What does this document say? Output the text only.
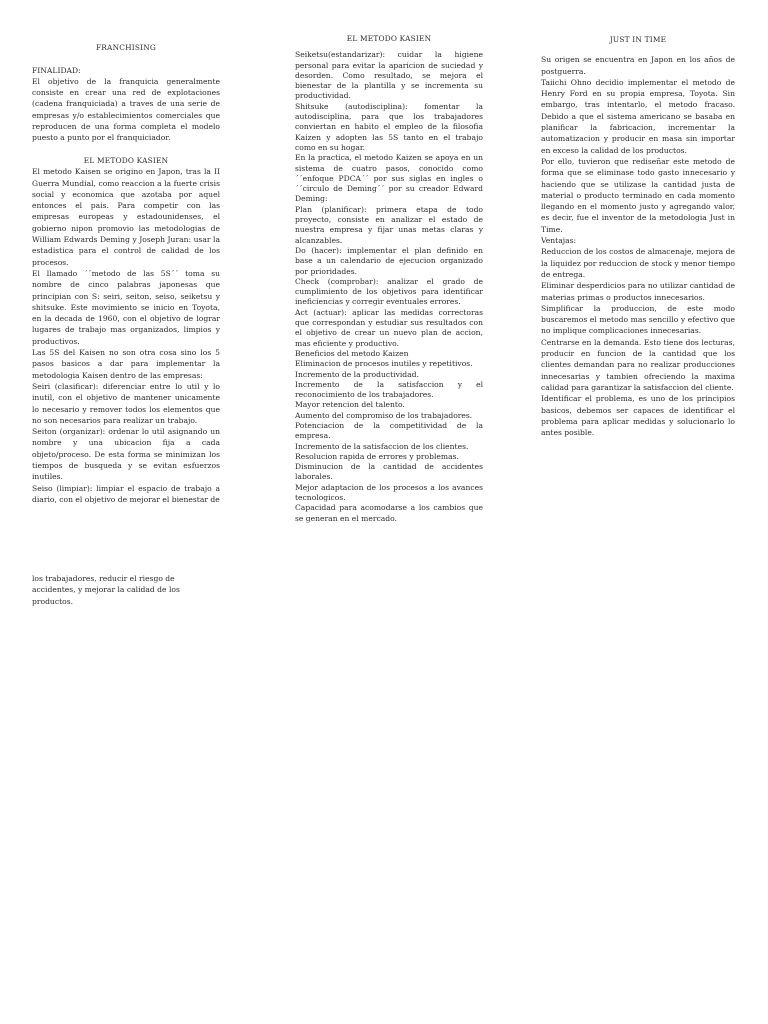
FRANCHISING

FINALIDAD:

El objetivo de la franquicia generalmente consiste en crear una red de explotaciones (cadena franquiciada) a traves de una serie de empresas y/o establecimientos comerciales que reproducen de una forma completa el modelo puesto a punto por el franquiciador.

EL METODO KASIEN

El metodo Kaisen se origino en Japon, tras la II Guerra Mundial, como reaccion a la fuerte crisis social y economica que azotaba por aquel entonces el pais. Para competir con las empresas europeas y estadounidenses, el gobierno nipon promovio las metodologias de William Edwards Deming y Joseph Juran: usar la estadistica para el control de calidad de los procesos.

El llamado ´´metodo de las 5S´´ toma su nombre de cinco palabras japonesas que principian con S: seiri, seiton, seiso, seiketsu y shitsuke. Este movimiento se inicio en Toyota, en la decada de 1960, con el objetivo de lograr lugares de trabajo mas organizados, limpios y productivos.

Las 5S del Kaisen no son otra cosa sino los 5 pasos basicos a dar para implementar la metodologia Kaisen dentro de las empresas:

Seiri (clasificar): diferenciar entre lo util y lo inutil, con el objetivo de mantener unicamente lo necesario y remover todos los elementos que no son necesarios para realizar un trabajo.

Seiton (organizar): ordenar lo util asignando un nombre y una ubicacion fija a cada objeto/proceso. De esta forma se minimizan los tiempos de busqueda y se evitan esfuerzos inutiles.

Seiso (limpiar): limpiar el espacio de trabajo a diario, con el objetivo de mejorar el bienestar de

los trabajadores, reducir el riesgo de accidentes, y mejorar la calidad de los productos.

EL METODO KASIEN

Seiketsu(estandarizar): cuidar la higiene personal para evitar la aparicion de suciedad y desorden. Como resultado, se mejora el bienestar de la plantilla y se incrementa su productividad.

Shitsuke (autodisciplina): fomentar la autodisciplina, para que los trabajadores conviertan en habito el empleo de la filosofia Kaizen y adopten las 5S tanto en el trabajo como en su hogar.

En la practica, el metodo Kaizen se apoya en un sistema de cuatro pasos, conocido como ´´enfoque PDCA´´ por sus siglas en ingles o ´´circulo de Deming´´ por su creador Edward Deming:

Plan (planificar): primera etapa de todo proyecto, consiste en analizar el estado de nuestra empresa y fijar unas metas claras y alcanzables.

Do (hacer): implementar el plan definido en base a un calendario de ejecucion organizado por prioridades.

Check (comprobar): analizar el grado de cumplimiento de los objetivos para identificar ineficiencias y corregir eventuales errores.

Act (actuar): aplicar las medidas correctoras que correspondan y estudiar sus resultados con el objetivo de crear un nuevo plan de accion, mas eficiente y productivo.

Beneficios del metodo Kaizen

Eliminacion de procesos inutiles y repetitivos.

Incremento de la productividad.

Incremento de la satisfaccion y el reconocimiento de los trabajadores.

Mayor retencion del talento.

Aumento del compromiso de los trabajadores.

Potenciacion de la competitividad de la empresa.

Incremento de la satisfaccion de los clientes.

Resolucion rapida de errores y problemas.

Disminucion de la cantidad de accidentes laborales.

Mejor adaptacion de los procesos a los avances tecnologicos.

Capacidad para acomodarse a los cambios que se generan en el mercado.

JUST IN TIME

Su origen se encuentra en Japon en los años de postguerra.

Taiichi Ohno decidio implementar el metodo de Henry Ford en su propia empresa, Toyota. Sin embargo, tras intentarlo, el metodo fracaso. Debido a que el sistema americano se basaba en planificar la fabricacion, incrementar la automatizacion y producir en masa sin importar en exceso la calidad de los productos.

Por ello, tuvieron que rediseñar este metodo de forma que se eliminase todo gasto innecesario y haciendo que se utilizase la cantidad justa de material o producto terminado en cada momento llegando en el momento justo y agregando valor, es decir, fue el inventor de la metodologia Just in Time.

Ventajas:

Reduccion de los costos de almacenaje, mejora de la liquidez por reduccion de stock y menor tiempo de entrega.

Eliminar desperdicios para no utilizar cantidad de materias primas o productos innecesarios.

Simplificar la produccion, de este modo buscaremos el metodo mas sencillo y efectivo que no implique complicaciones innecesarias.

Centrarse en la demanda. Esto tiene dos lecturas, producir en funcion de la cantidad que los clientes demandan para no realizar producciones innecesarias y tambien ofreciendo la maxima calidad para garantizar la satisfaccion del cliente.

Identificar el problema, es uno de los principios basicos, debemos ser capaces de identificar el problema para aplicar medidas y solucionarlo lo antes posible.
